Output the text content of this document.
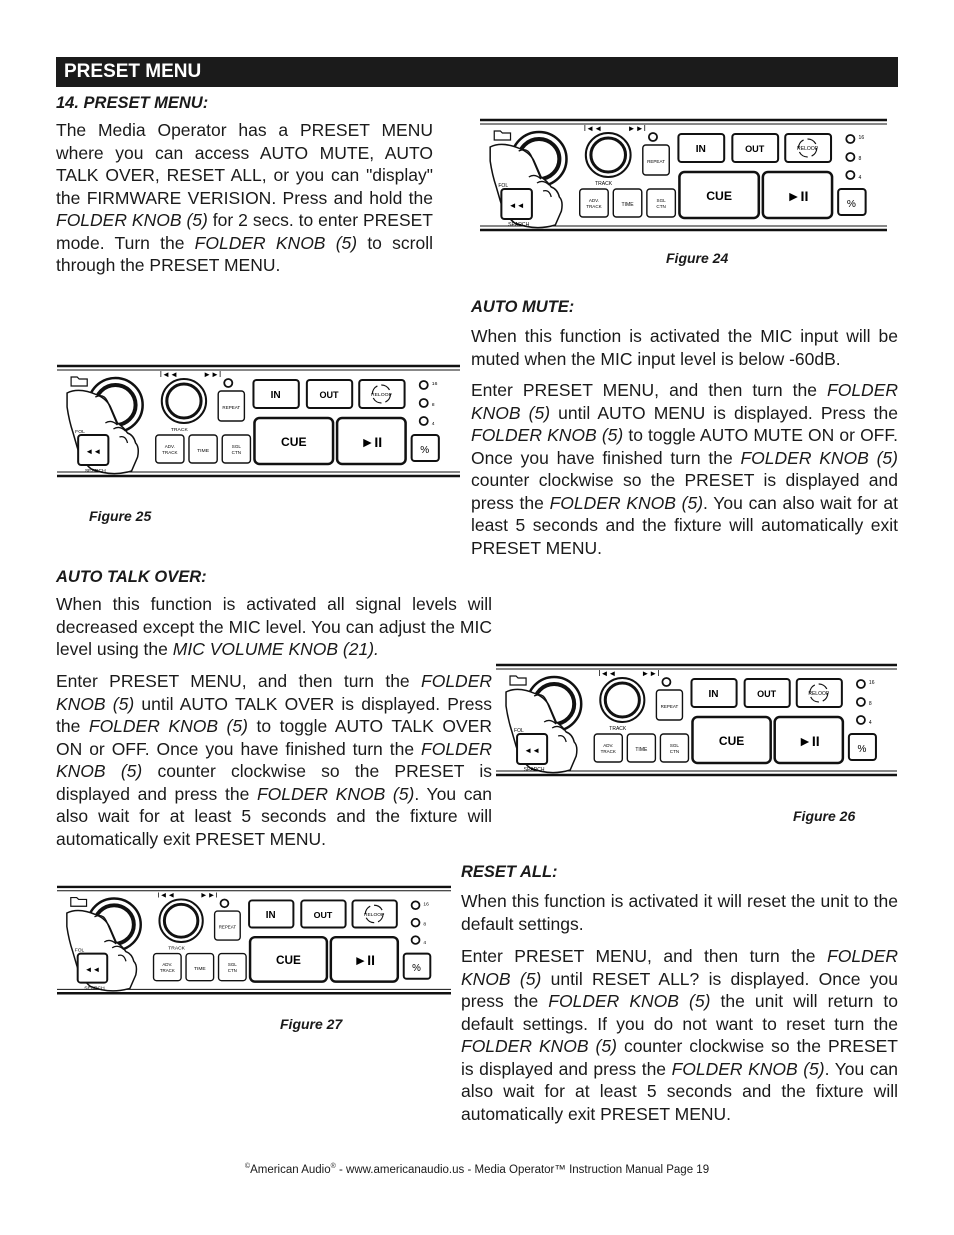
PRESET MENU
14. PRESET MENU:
The Media Operator has a PRESET MENU where you can access AUTO MUTE, AUTO TALK OVER, RESET ALL, or you can "display" the FIRMWARE VERISION. Press and hold the FOLDER KNOB (5) for 2 secs. to enter PRESET mode. Turn the FOLDER KNOB (5) to scroll through the PRESET MENU.
FOL
I◄◄	►►I
TRACK
REPEAT
IN	OUT	RELOOP
16
8
4
◄◄
SEARCH
ADV.
TRACK	TIME
SGL
CTN
CUE	►II
%
Figure 24
AUTO MUTE:
When this function is activated the MIC input will be muted when the MIC input level is below -60dB.
Enter PRESET MENU, and then turn the FOLDER KNOB (5) until AUTO MENU is displayed. Press the FOLDER KNOB (5) to toggle AUTO MUTE ON or OFF. Once you have finished turn the FOLDER KNOB (5) counter clockwise so the PRESET is displayed and press the FOLDER KNOB (5). You can also wait for at least 5 seconds and the fixture will automatically exit PRESET MENU.
FOL
I◄◄	►►I
TRACK
REPEAT
IN	OUT	RELOOP
16
8
4
◄◄
SEARCH
ADV.
TRACK	TIME
SGL
CTN
CUE	►II
%
Figure 25
AUTO TALK OVER:
When this function is activated all signal levels will decreased except the MIC level. You can adjust the MIC level using the MIC VOLUME KNOB (21).
Enter PRESET MENU, and then turn the FOLDER KNOB (5) until AUTO TALK OVER is displayed. Press the FOLDER KNOB (5) to toggle AUTO TALK OVER ON or OFF. Once you have finished turn the FOLDER KNOB (5) counter clockwise so the PRESET is displayed and press the FOLDER KNOB (5). You can also wait for at least 5 seconds and the fixture will automatically exit PRESET MENU.
FOL
I◄◄	►►I
TRACK
REPEAT
IN	OUT	RELOOP
16
8
4
◄◄
SEARCH
ADV.
TRACK	TIME
SGL
CTN
CUE	►II
%
Figure 26
FOL
I◄◄	►►I
TRACK
REPEAT
IN	OUT	RELOOP
16
8
4
◄◄
SEARCH
ADV.
TRACK	TIME
SGL
CTN
CUE	►II
%
Figure 27
RESET ALL:
When this function is activated it will reset the unit to the default settings.
Enter PRESET MENU, and then turn the FOLDER KNOB (5) until RESET ALL? is displayed. Once you press the FOLDER KNOB (5) the unit will return to default settings. If you do not want to reset turn the FOLDER KNOB (5) counter clockwise so the PRESET is displayed and press the FOLDER KNOB (5). You can also wait for at least 5 seconds and the fixture will automatically exit PRESET MENU.
©American Audio® - www.americanaudio.us - Media Operator™ Instruction Manual Page 19
